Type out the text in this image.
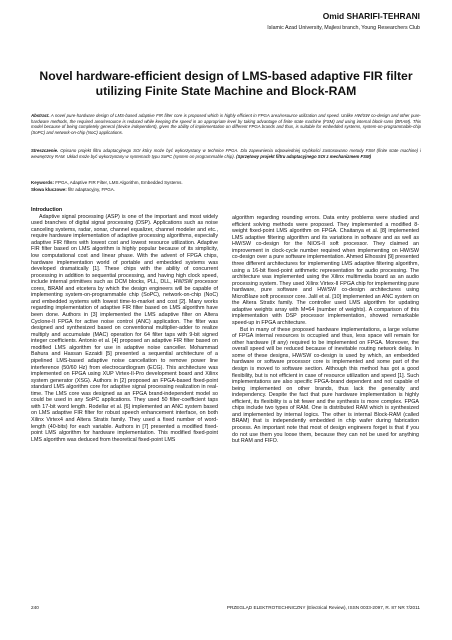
Omid SHARIFI-TEHRANI
Islamic Azad University, Majlesi branch, Young Researchers Club
Novel hardware-efficient design of LMS-based adaptive FIR filter
utilizing Finite State Machine and Block-RAM
Abstract. A novel pure-hardware design of LMS-based adaptive FIR filter core is proposed which is highly efficient in FPGA area/resource utilization and speed. Unlike HW/SW co-design and other pure-hardware methods, the required area/resource is reduced while keeping the speed in an appropriate level by taking advantage of finite state machine (FSM) and using internal block-rams (BRAM). This model because of being completely general (device independent), gives the ability of implementation on different FPGA brands and thus, is suitable for embedded systems, system-on-programmable-chip (SoPC) and network-on-chip (NoC) applications.
Streszczenie. Opisano projekt filtru adaptacyjnego SOI który może być wykorzystany w technice FPGA. Dla zapewnienia odpowiedniej szybkości zastosowano metody FSM (finite state machine) i wewnętrzny RAM. Układ może być wykorzystany w systemach typu SoPC (system on programmable chip). (Sprzętowy projekt filtru adaptacyjnego SOI z mechanizmem FSM)
Keywords: FPGA, Adaptive FIR Filter, LMS Algorithm, Embedded Systems.
Słowa kluczowe: filtr adaptacyjny, FPGA.

Introduction

Adaptive signal processing (ASP) is one of the important and most widely used branches of digital signal processing (DSP). Applications such as noise canceling systems, radar, sonar, channel equalizer, channel modeler and etc., require hardware implementation of adaptive processing algorithms, especially adaptive FIR filters with lowest cost and lowest resource utilization. Adaptive FIR filter based on LMS algorithm is highly popular because of its simplicity, low computational cost and linear phase. With the advent of FPGA chips, hardware implementation world of portable and embedded systems was developed dramatically [1]. These chips with the ability of concurrent processing in addition to sequential processing, and having high clock speed, include internal primitives such as DCM blocks, PLL, DLL, HW/SW processor cores, BRAM and etcetera by which the design engineers will be capable of implementing system-on-programmable chip (SoPC), network-on-chip (NoC) and embedded systems with lowest time-to-market and cost [2]. Many works regarding implementation of adaptive FIR filter based on LMS algorithm have been done. Authors in [3] implemented the LMS adaptive filter on Altera Cyclone-II FPGA for active noise control (ANC) application. The filter was designed and synthesized based on conventional multiplier-adder to realize multiply and accumulate (MAC) operation for 64 filter taps with 9-bit signed integer coefficients. Antonio et al. [4] proposed an adaptive FIR filter based on modified LMS algorithm for use in adaptive noise canceller. Mohammad Bahura and Hassan Ezzaidi [5] presented a sequential architecture of a pipelined LMS-based adaptive noise cancellation to remove power line interference (50/60 Hz) from electrocardiogram (ECG). This architecture was implemented on FPGA using XUP Virtex-II-Pro development board and Xilinx system generator (XSG). Authors in [2] proposed an FPGA-based fixed-point standard LMS algorithm core for adaptive signal processing realization in real-time. The LMS core was designed as an FPGA brand-independent model so could be used in any SoPC applications. They used 50 filter-coefficient taps with 17-bit word length. Rodellar et al. [6] implemented an ANC system based on LMS adaptive FIR filter for robust speech enhancement interface, on both Xilinx Virtex4 and Altera Stratix family. They used a fixed number of word-length (40-bits) for each variable. Authors in [7] presented a modified fixed-point LMS algorithm for hardware implementation. This modified fixed-point LMS algorithm was deduced from theoretical fixed-point LMS

algorithm regarding rounding errors. Data entry problems were studied and efficient solving methods were proposed. They implemented a modified 8-weight fixed-point LMS algorithm on FPGA. Chaitanya et al. [8] implemented LMS adaptive filtering algorithm and its variations in software and as well as HW/SW co-design for the NIOS-II soft processor. They claimed an improvement in clock-cycle number required when implementing on HW/SW co-design over a pure software implementation. Ahmed Elhossini [9] presented three different architectures for implementing LMS adaptive filtering algorithm, using a 16-bit fixed-point arithmetic representation for audio processing. The architecture was implemented using the Xilinx multimedia board as an audio processing system. They used Xilinx Virtex-II FPGA chip for implementing pure hardware, pure software and HW/SW co-design architectures using MicroBlaze soft processor core. Jalil et al. [10] implemented an ANC system on the Altera Stratix family. The controller used LMS algorithm for updating adaptive weights array with M=64 (number of weights). A comparison of this implementation with DSP processor implementation, showed remarkable speed-up in FPGA architecture.

But in many of these proposed hardware implementations, a large volume of FPGA internal resources is occupied and thus, less space will remain for other hardware (if any) required to be implemented on FPGA. Moreover, the overall speed will be reduced because of inevitable routing network delay. In some of these designs, HW/SW co-design is used by which, an embedded hardware or software processor core is implemented and some part of the design is moved to software section. Although this method has got a good flexibility, but is not efficient in case of resource utilization and speed [1]. Such implementations are also specific FPGA-brand dependent and not capable of being implemented on other brands, thus lack the generality and independency. Despite the fact that pure hardware implementation is highly efficient, its flexibility is a bit fewer and the synthesis is more complex. FPGA chips include two types of RAM. One is distributed RAM which is synthesized and implemented by internal logics. The other is internal Block-RAM (called BRAM) that is independently embedded in chip wafer during fabrication process. An important note that most of design engineers forget is that if you do not use them you loose them, because they can not be used for anything but RAM and FIFO.

240	PRZEGLĄD ELEKTROTECHNICZNY (Electrical Review), ISSN 0033-2097, R. 87 NR 7/2011
